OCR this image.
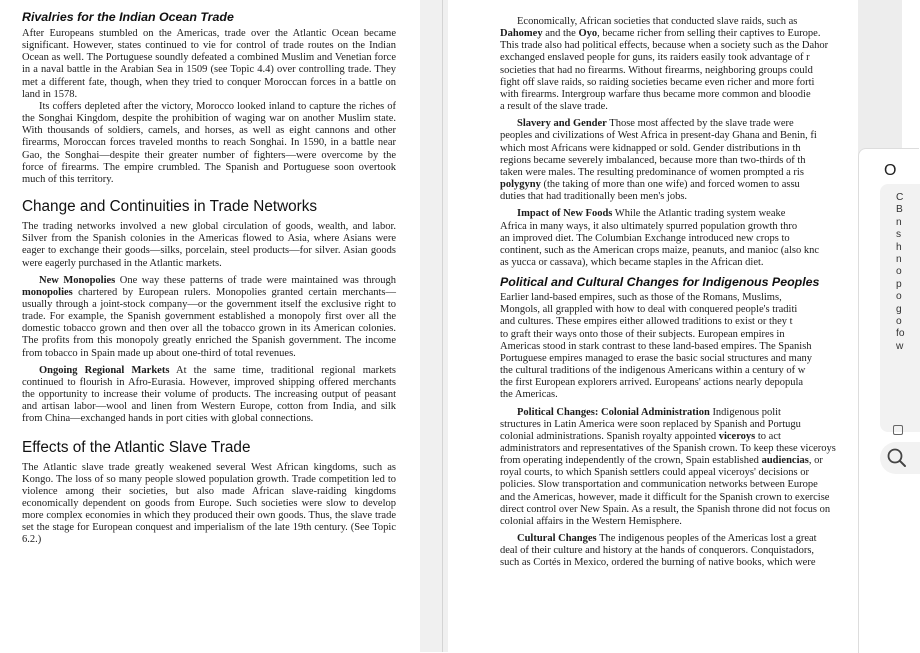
Rivalries for the Indian Ocean Trade

After Europeans stumbled on the Americas, trade over the Atlantic Ocean became significant. However, states continued to vie for control of trade routes on the Indian Ocean as well. The Portuguese soundly defeated a combined Muslim and Venetian force in a naval battle in the Arabian Sea in 1509 (see Topic 4.4) over controlling trade. They met a different fate, though, when they tried to conquer Moroccan forces in a battle on land in 1578.

Its coffers depleted after the victory, Morocco looked inland to capture the riches of the Songhai Kingdom, despite the prohibition of waging war on another Muslim state. With thousands of soldiers, camels, and horses, as well as eight cannons and other firearms, Moroccan forces traveled months to reach Songhai. In 1590, in a battle near Gao, the Songhai—despite their greater number of fighters—were overcome by the force of firearms. The empire crumbled. The Spanish and Portuguese soon overtook much of this territory.

Change and Continuities in Trade Networks

The trading networks involved a new global circulation of goods, wealth, and labor. Silver from the Spanish colonies in the Americas flowed to Asia, where Asians were eager to exchange their goods—silks, porcelain, steel products—for silver. Asian goods were eagerly purchased in the Atlantic markets.

New Monopolies One way these patterns of trade were maintained was through monopolies chartered by European rulers. Monopolies granted certain merchants—usually through a joint-stock company—or the government itself the exclusive right to trade. For example, the Spanish government established a monopoly first over all the domestic tobacco grown and then over all the tobacco grown in its American colonies. The profits from this monopoly greatly enriched the Spanish government. The income from tobacco in Spain made up about one-third of total revenues.

Ongoing Regional Markets At the same time, traditional regional markets continued to flourish in Afro-Eurasia. However, improved shipping offered merchants the opportunity to increase their volume of products. The increasing output of peasant and artisan labor—wool and linen from Western Europe, cotton from India, and silk from China—exchanged hands in port cities with global connections.

Effects of the Atlantic Slave Trade

The Atlantic slave trade greatly weakened several West African kingdoms, such as Kongo. The loss of so many people slowed population growth. Trade competition led to violence among their societies, but also made African slave-raiding kingdoms economically dependent on goods from Europe. Such societies were slow to develop more complex economies in which they produced their own goods. Thus, the slave trade set the stage for European conquest and imperialism of the late 19th century. (See Topic 6.2.)

Economically, African societies that conducted slave raids, such as

Dahomey and the Oyo, became richer from selling their captives to Europe.

This trade also had political effects, because when a society such as the Dahor

exchanged enslaved people for guns, its raiders easily took advantage of r

societies that had no firearms. Without firearms, neighboring groups could

fight off slave raids, so raiding societies became even richer and more forti

with firearms. Intergroup warfare thus became more common and bloodie

a result of the slave trade.

Slavery and Gender Those most affected by the slave trade were

peoples and civilizations of West Africa in present-day Ghana and Benin, fi

which most Africans were kidnapped or sold. Gender distributions in th

regions became severely imbalanced, because more than two-thirds of th

taken were males. The resulting predominance of women prompted a ris

polygyny (the taking of more than one wife) and forced women to assu

duties that had traditionally been men's jobs.

Impact of New Foods While the Atlantic trading system weake

Africa in many ways, it also ultimately spurred population growth thro

an improved diet. The Columbian Exchange introduced new crops to

continent, such as the American crops maize, peanuts, and manioc (also knc

as yucca or cassava), which became staples in the African diet.

Political and Cultural Changes for Indigenous Peoples

Earlier land-based empires, such as those of the Romans, Muslims,

Mongols, all grappled with how to deal with conquered people's traditi

and cultures. These empires either allowed traditions to exist or they t

to graft their ways onto those of their subjects. European empires in

Americas stood in stark contrast to these land-based empires. The Spanish

Portuguese empires managed to erase the basic social structures and many

the cultural traditions of the indigenous Americans within a century of w

the first European explorers arrived. Europeans' actions nearly depopula

the Americas.

Political Changes: Colonial Administration Indigenous polit

structures in Latin America were soon replaced by Spanish and Portugu

colonial administrations. Spanish royalty appointed viceroys to act

administrators and representatives of the Spanish crown. To keep these viceroys

from operating independently of the crown, Spain established audiencias, or

royal courts, to which Spanish settlers could appeal viceroys' decisions or

policies. Slow transportation and communication networks between Europe

and the Americas, however, made it difficult for the Spanish crown to exercise

direct control over New Spain. As a result, the Spanish throne did not focus on

colonial affairs in the Western Hemisphere.

Cultural Changes The indigenous peoples of the Americas lost a great

deal of their culture and history at the hands of conquerors. Conquistadors,

such as Cortés in Mexico, ordered the burning of native books, which were

O
C
B
n
s
h
n
o
p
o
g
o
fo
w
